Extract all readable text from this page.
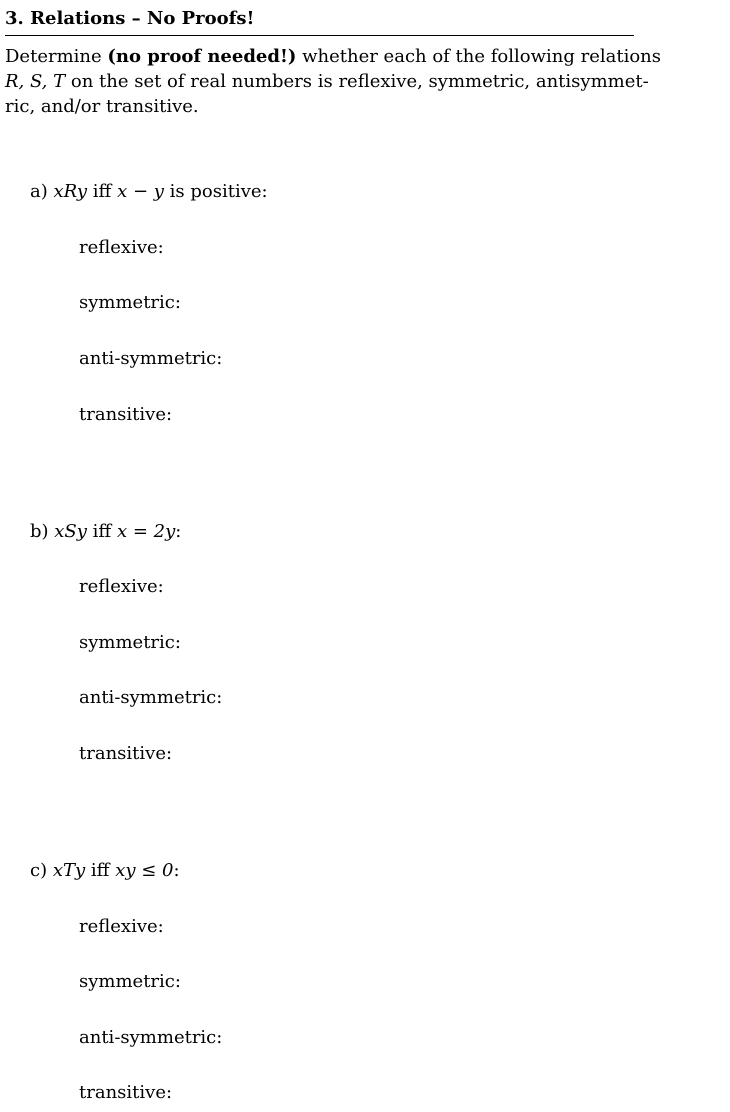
3. Relations – No Proofs!
Determine (no proof needed!) whether each of the following relations
R, S, T on the set of real numbers is reflexive, symmetric, antisymmet-
ric, and/or transitive.
a) xRy iff x − y is positive:
reflexive:
symmetric:
anti-symmetric:
transitive:
b) xSy iff x = 2y:
reflexive:
symmetric:
anti-symmetric:
transitive:
c) xTy iff xy ≤ 0:
reflexive:
symmetric:
anti-symmetric:
transitive:
